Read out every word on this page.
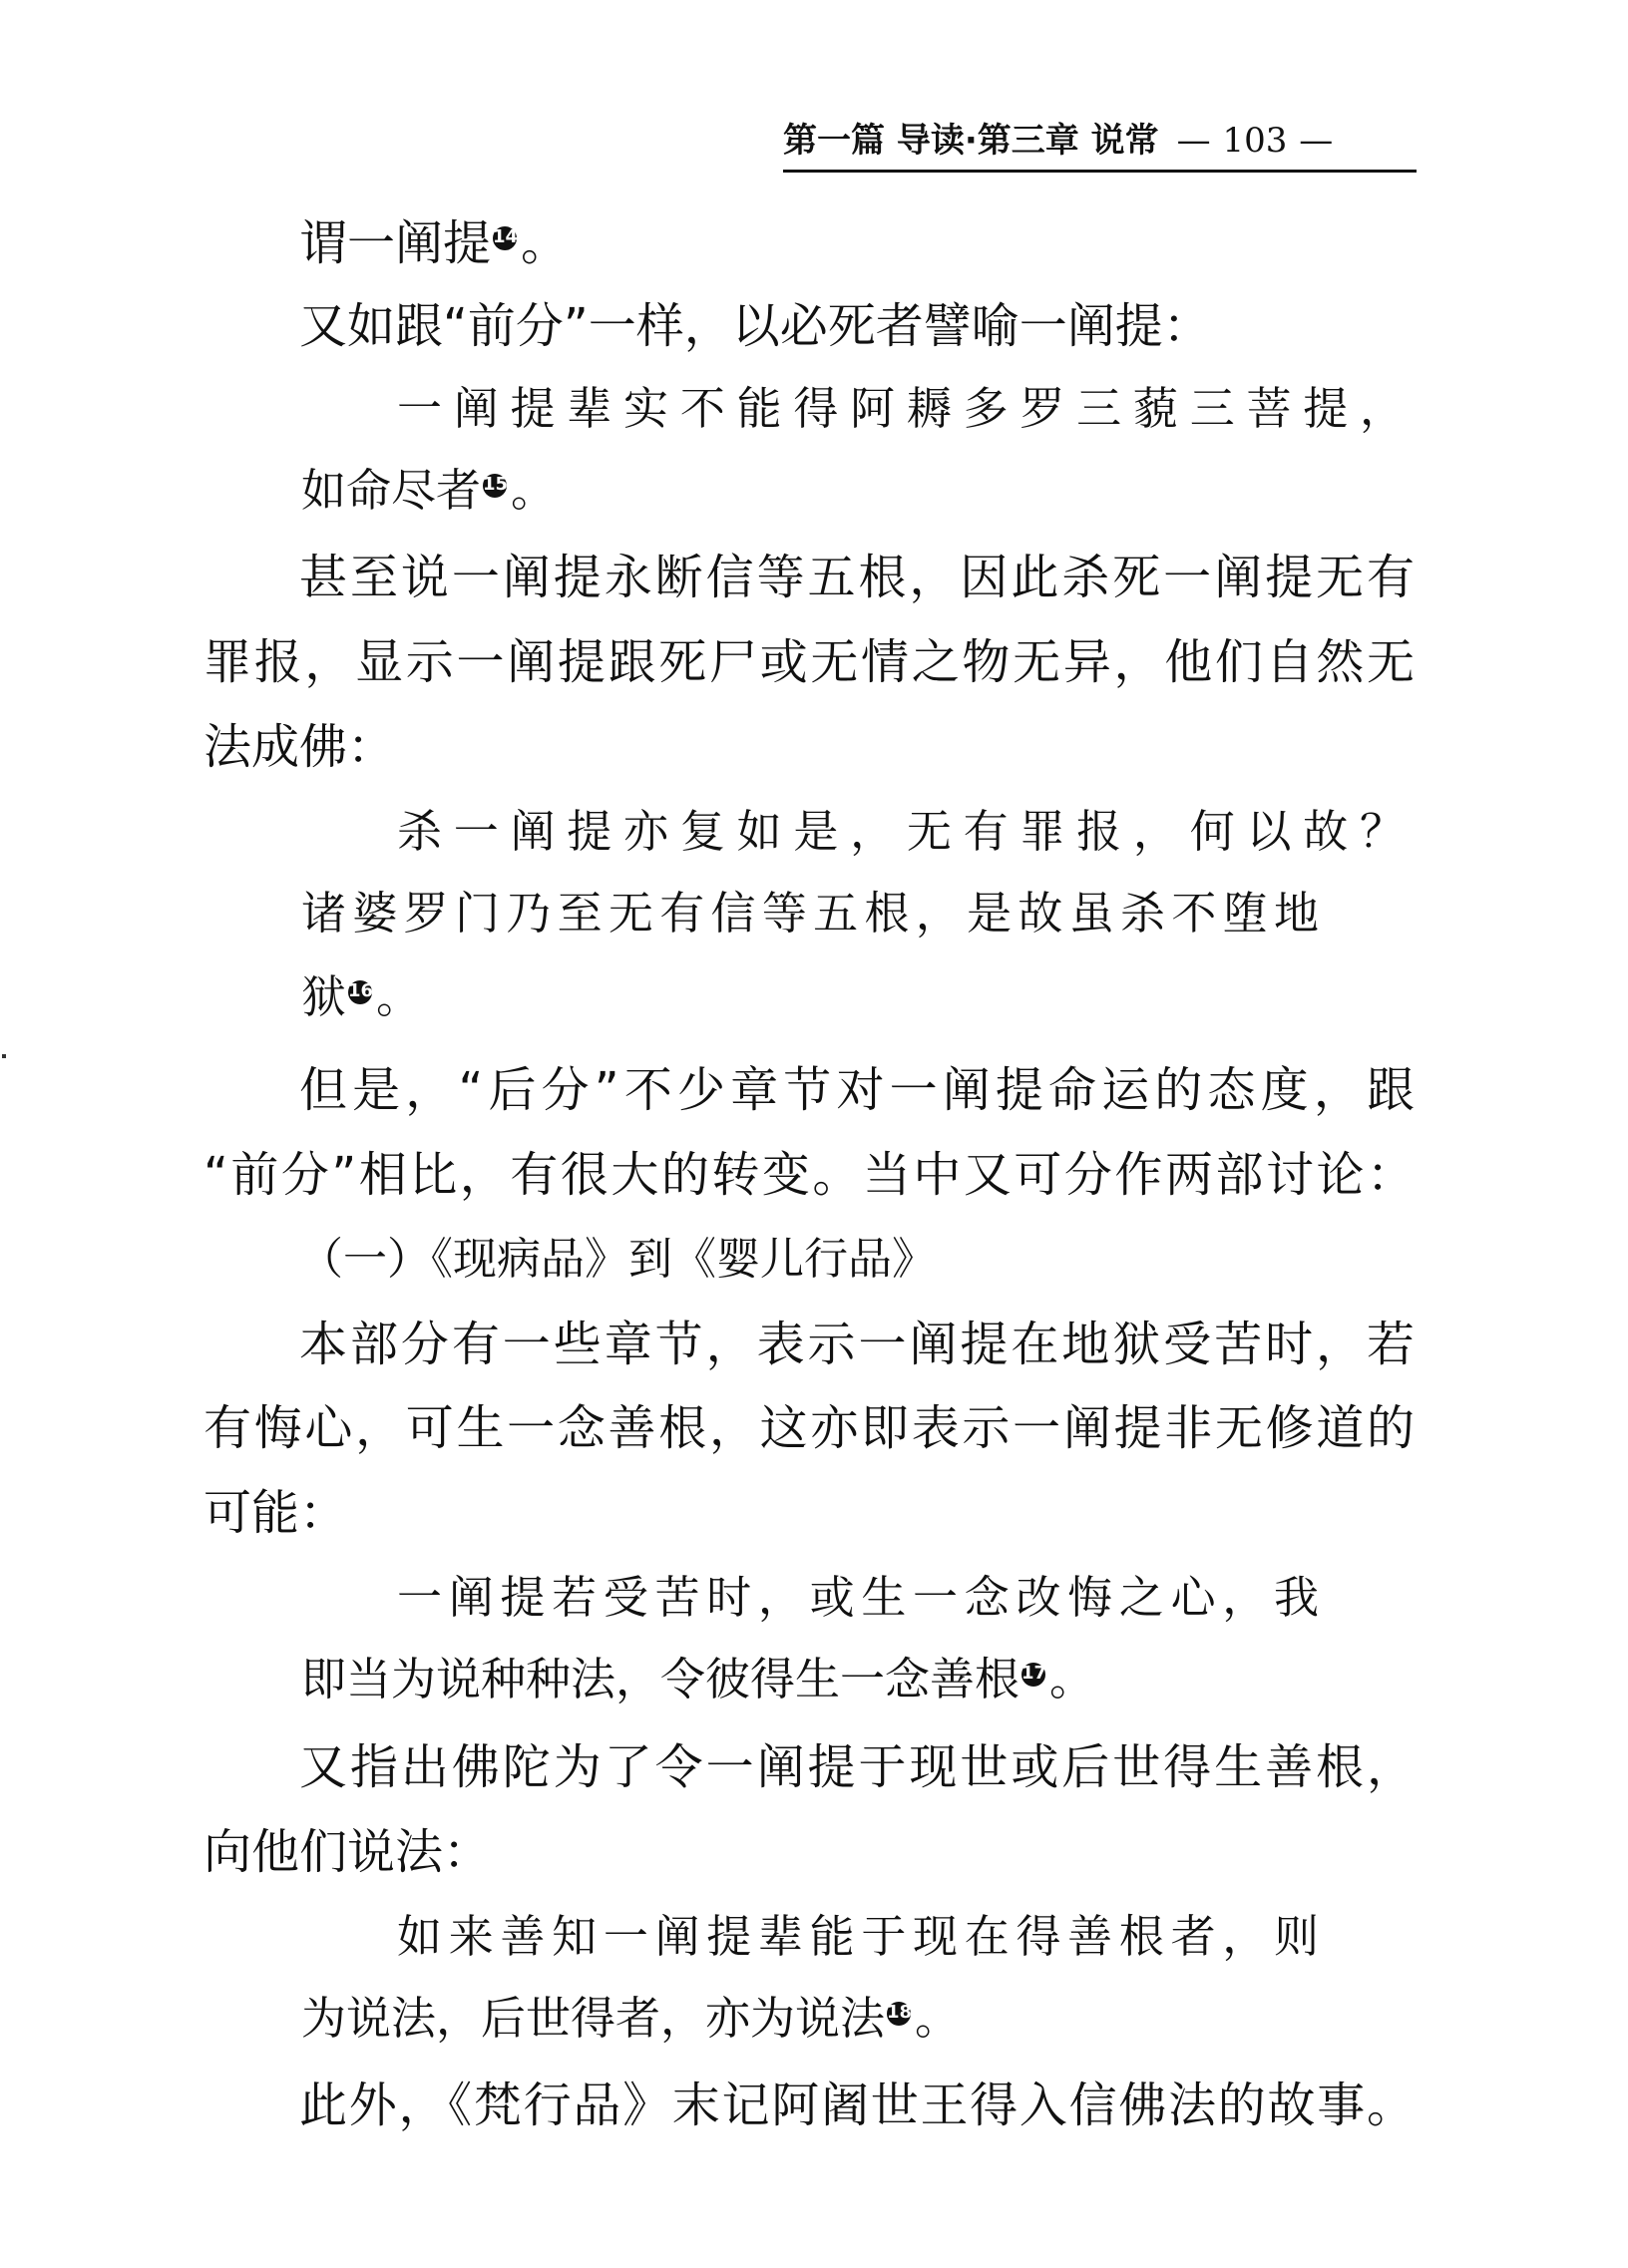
第一篇 导读·第三章 说常 — 103 —
谓一阐提 14。
又如跟“前分”一样，以必死者譬喻一阐提：
一阐提辈实不能得阿耨多罗三藐三菩提，
如命尽者 15。
甚至说一阐提永断信等五根，因此杀死一阐提无有
罪报，显示一阐提跟死尸或无情之物无异，他们自然无
法成佛：
杀一阐提亦复如是，无有罪报，何以故？
诸婆罗门乃至无有信等五根，是故虽杀不堕地
狱 16。
但是，“后分”不少章节对一阐提命运的态度，跟
“前分”相比，有很大的转变。当中又可分作两部讨论：
（一）《现病品》到《婴儿行品》
本部分有一些章节，表示一阐提在地狱受苦时，若
有悔心，可生一念善根，这亦即表示一阐提非无修道的
可能：
一阐提若受苦时，或生一念改悔之心，我
即当为说种种法，令彼得生一念善根 17。
又指出佛陀为了令一阐提于现世或后世得生善根，
向他们说法：
如来善知一阐提辈能于现在得善根者，则
为说法，后世得者，亦为说法 18。
此外，《梵行品》末记阿阇世王得入信佛法的故事。
